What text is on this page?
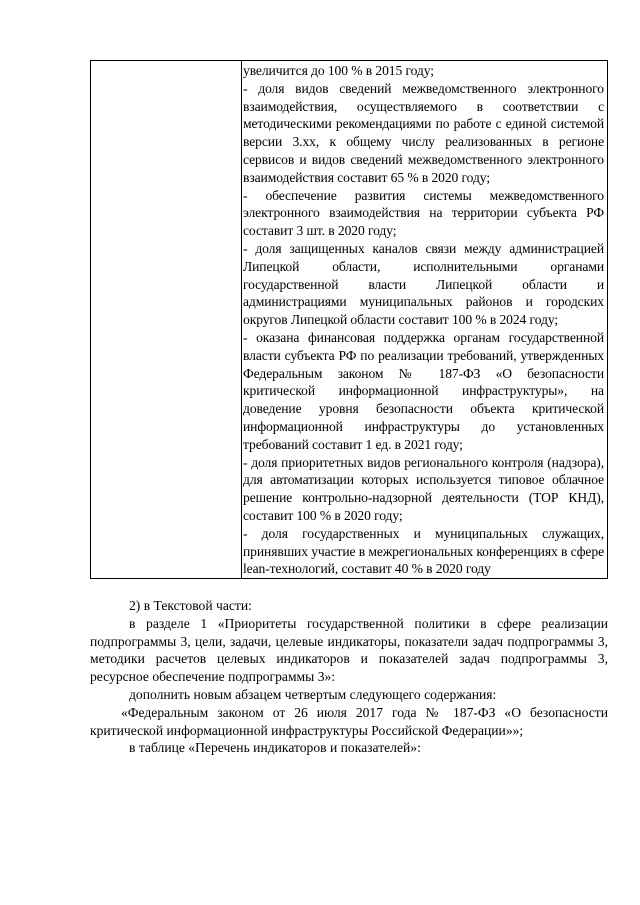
увеличится до 100 % в 2015 году;

- доля видов сведений межведомственного электронного взаимодействия, осуществляемого в соответствии с методическими рекомендациями по работе с единой системой версии 3.хх, к общему числу реализованных в регионе сервисов и видов сведений межведомственного электронного взаимодействия составит 65 % в 2020 году;

- обеспечение развития системы межведомственного электронного взаимодействия на территории субъекта РФ составит 3 шт. в 2020 году;

- доля защищенных каналов связи между администрацией Липецкой области, исполнительными органами государственной власти Липецкой области и администрациями муниципальных районов и городских округов Липецкой области составит 100 % в 2024 году;

- оказана финансовая поддержка органам государственной власти субъекта РФ по реализации требований, утвержденных Федеральным законом № 187-ФЗ «О безопасности критической информационной инфраструктуры», на доведение уровня безопасности объекта критической информационной инфраструктуры до установленных требований составит 1 ед. в 2021 году;

- доля приоритетных видов регионального контроля (надзора), для автоматизации которых используется типовое облачное решение контрольно-надзорной деятельности (ТОР КНД), составит 100 % в 2020 году;

- доля государственных и муниципальных служащих, принявших участие в межрегиональных конференциях в сфере lean-технологий, составит 40 % в 2020 году

2) в Текстовой части:

в разделе 1 «Приоритеты государственной политики в сфере реализации подпрограммы 3, цели, задачи, целевые индикаторы, показатели задач подпрограммы 3, методики расчетов целевых индикаторов и показателей задач подпрограммы 3, ресурсное обеспечение подпрограммы 3»:

дополнить новым абзацем четвертым следующего содержания:

«Федеральным законом от 26 июля 2017 года № 187-ФЗ «О безопасности критической информационной инфраструктуры Российской Федерации»»;

в таблице «Перечень индикаторов и показателей»:
